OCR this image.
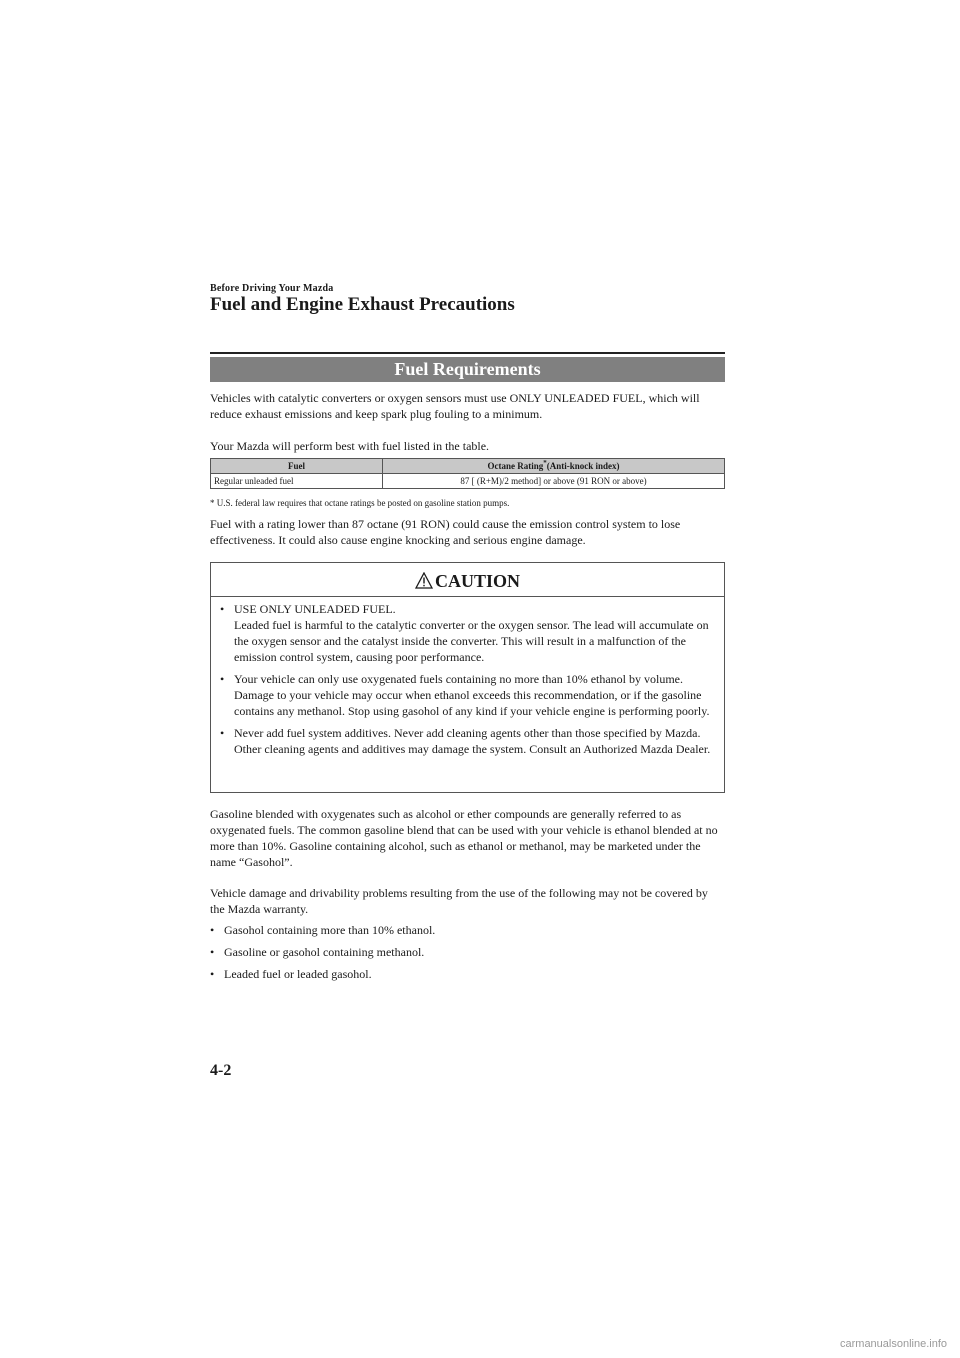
Before Driving Your Mazda
Fuel and Engine Exhaust Precautions
Fuel Requirements

Vehicles with catalytic converters or oxygen sensors must use ONLY UNLEADED FUEL, which will reduce exhaust emissions and keep spark plug fouling to a minimum.

Your Mazda will perform best with fuel listed in the table.

Fuel	Octane Rating*(Anti-knock index)
Regular unleaded fuel	87 [ (R+M)/2 method] or above (91 RON or above)
* U.S. federal law requires that octane ratings be posted on gasoline station pumps.

Fuel with a rating lower than 87 octane (91 RON) could cause the emission control system to lose effectiveness. It could also cause engine knocking and serious engine damage.

CAUTION
• USE ONLY UNLEADED FUEL.
Leaded fuel is harmful to the catalytic converter or the oxygen sensor. The lead will accumulate on the oxygen sensor and the catalyst inside the converter. This will result in a malfunction of the emission control system, causing poor performance.
• Your vehicle can only use oxygenated fuels containing no more than 10% ethanol by volume. Damage to your vehicle may occur when ethanol exceeds this recommendation, or if the gasoline contains any methanol. Stop using gasohol of any kind if your vehicle engine is performing poorly.
• Never add fuel system additives. Never add cleaning agents other than those specified by Mazda. Other cleaning agents and additives may damage the system. Consult an Authorized Mazda Dealer.

Gasoline blended with oxygenates such as alcohol or ether compounds are generally referred to as oxygenated fuels. The common gasoline blend that can be used with your vehicle is ethanol blended at no more than 10%. Gasoline containing alcohol, such as ethanol or methanol, may be marketed under the name “Gasohol”.

Vehicle damage and drivability problems resulting from the use of the following may not be covered by the Mazda warranty.

• Gasohol containing more than 10% ethanol.
• Gasoline or gasohol containing methanol.
• Leaded fuel or leaded gasohol.
4-2
carmanualsonline.info
